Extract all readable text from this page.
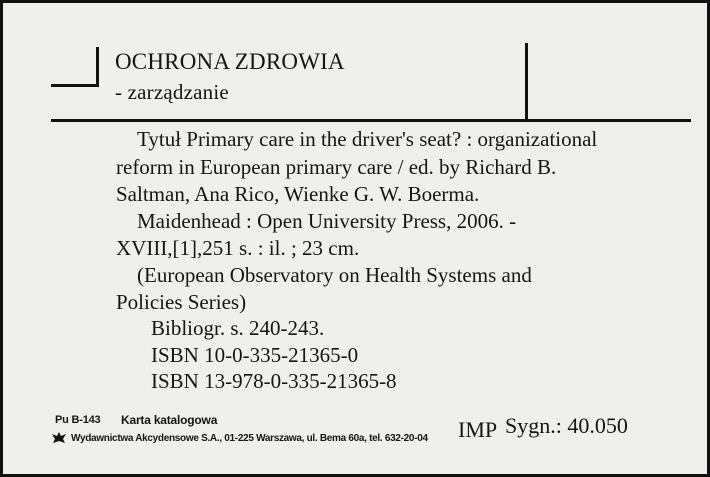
OCHRONA ZDROWIA
- zarządzanie
Tytuł Primary care in the driver's seat? : organizational
reform in European primary care / ed. by Richard B.
Saltman, Ana Rico, Wienke G. W. Boerma.
Maidenhead : Open University Press, 2006. -
XVIII,[1],251 s. : il. ; 23 cm.
(European Observatory on Health Systems and
Policies Series)
Bibliogr. s. 240-243.
ISBN 10-0-335-21365-0
ISBN 13-978-0-335-21365-8
Pu B-143 Karta katalogowa
Wydawnictwa Akcydensowe S.A., 01-225 Warszawa, ul. Bema 60a, tel. 632-20-04 IMP Sygn.: 40.050
